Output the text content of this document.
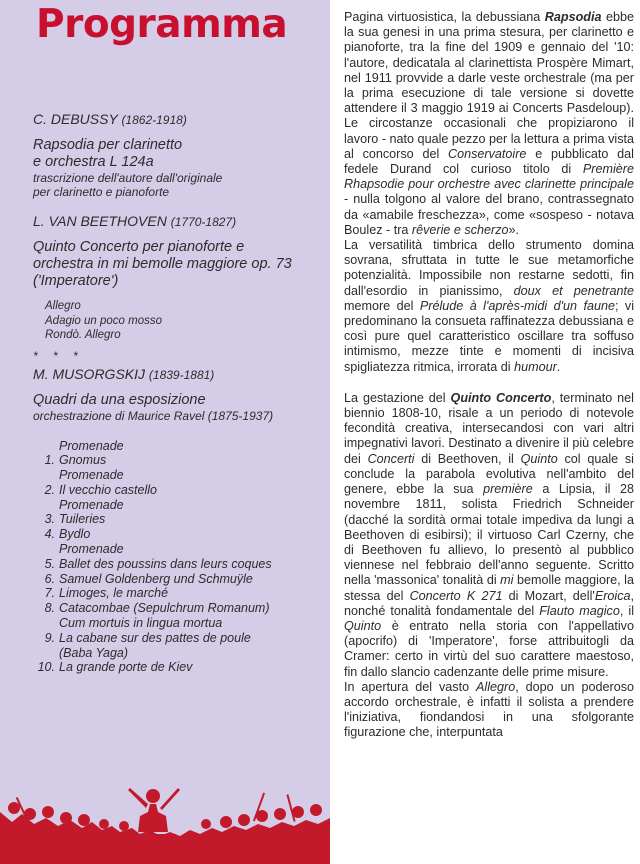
Programma

C. DEBUSSY (1862-1918)

Rapsodia per clarinetto
e orchestra L 124a

trascrizione dell'autore dall'originale
per clarinetto e pianoforte

L. VAN BEETHOVEN (1770-1827)

Quinto Concerto per pianoforte e
orchestra in mi bemolle maggiore op. 73
('Imperatore')

Allegro

Adagio un poco mosso

Rondò. Allegro

* * *

M. MUSORGSKIJ (1839-1881)

Quadri da una esposizione

orchestrazione di Maurice Ravel (1875-1937)

Promenade
1. Gnomus
Promenade
2. Il vecchio castello
Promenade
3. Tuileries
4. Bydlo
Promenade
5. Ballet des poussins dans leurs coques
6. Samuel Goldenberg und Schmuÿle
7. Limoges, le marché
8. Catacombae (Sepulchrum Romanum)
Cum mortuis in lingua mortua
9. La cabane sur des pattes de poule
(Baba Yaga)
10. La grande porte de Kiev

Pagina virtuosistica, la debussiana Rapsodia ebbe la sua genesi in una prima stesura, per clarinetto e pianoforte, tra la fine del 1909 e gennaio del '10: l'autore, dedicatala al clarinettista Prospère Mimart, nel 1911 provvide a darle veste orchestrale (ma per la prima esecuzione di tale versione si dovette attendere il 3 maggio 1919 ai Concerts Pasdeloup). Le circostanze occasionali che propiziarono il lavoro - nato quale pezzo per la lettura a prima vista al concorso del Conservatoire e pubblicato dal fedele Durand col curioso titolo di Première Rhapsodie pour orchestre avec clarinette principale - nulla tolgono al valore del brano, contrassegnato da «amabile freschezza», come «sospeso - notava Boulez - tra rêverie e scherzo».

La versatilità timbrica dello strumento domina sovrana, sfruttata in tutte le sue metamorfiche potenzialità. Impossibile non restarne sedotti, fin dall'esordio in pianissimo, doux et penetrante memore del Prélude à l'après-midi d'un faune; vi predominano la consueta raffinatezza debussiana e così pure quel caratteristico oscillare tra soffuso intimismo, mezze tinte e momenti di incisiva spigliatezza ritmica, irrorata di humour.

La gestazione del Quinto Concerto, terminato nel biennio 1808-10, risale a un periodo di notevole fecondità creativa, intersecandosi con vari altri impegnativi lavori. Destinato a divenire il più celebre dei Concerti di Beethoven, il Quinto col quale si conclude la parabola evolutiva nell'ambito del genere, ebbe la sua première a Lipsia, il 28 novembre 1811, solista Friedrich Schneider (dacché la sordità ormai totale impediva da lungi a Beethoven di esibirsi); il virtuoso Carl Czerny, che di Beethoven fu allievo, lo presentò al pubblico viennese nel febbraio dell'anno seguente. Scritto nella 'massonica' tonalità di mi bemolle maggiore, la stessa del Concerto K 271 di Mozart, dell'Eroica, nonché tonalità fondamentale del Flauto magico, il Quinto è entrato nella storia con l'appellativo (apocrifo) di 'Imperatore', forse attribuitogli da Cramer: certo in virtù del suo carattere maestoso, fin dallo slancio cadenzante delle prime misure.

In apertura del vasto Allegro, dopo un poderoso accordo orchestrale, è infatti il solista a prendere l'iniziativa, fiondandosi in una sfolgorante figurazione che, interpuntata
